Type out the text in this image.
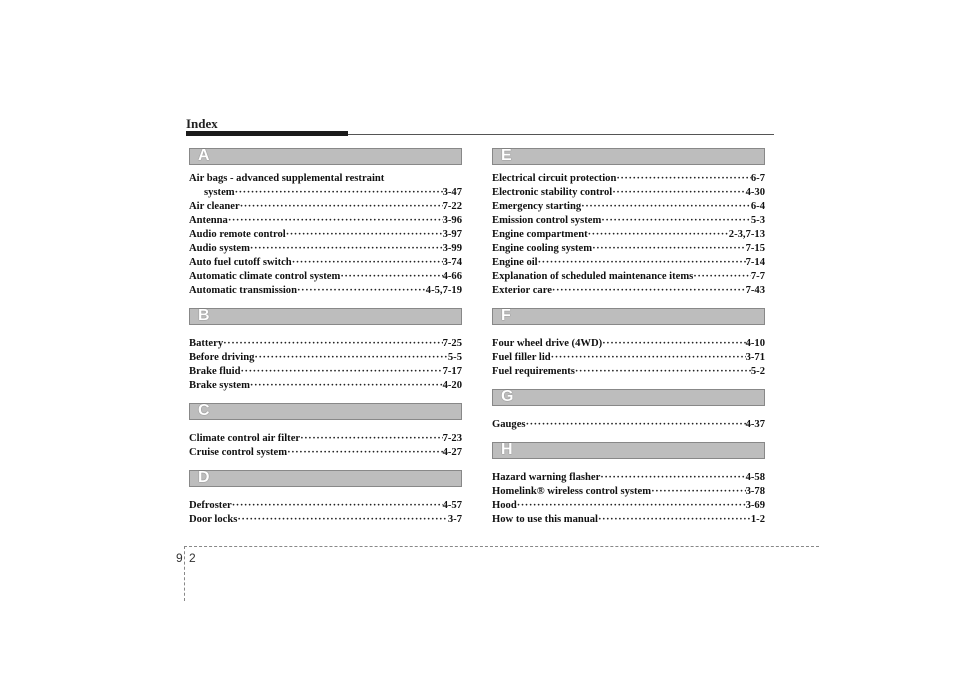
Index
A
Air bags - advanced supplemental restraint
system ·····	3-47
Air cleaner ·····	7-22
Antenna ·····	3-96
Audio remote control ·····	3-97
Audio system ·····	3-99
Auto fuel cutoff switch ·····	3-74
Automatic climate control system ·····	4-66
Automatic transmission ·····	4-5,7-19
B
Battery ·····	7-25
Before driving ·····	5-5
Brake fluid ·····	7-17
Brake system ·····	4-20
C
Climate control air filter ·····	7-23
Cruise control system ·····	4-27
D
Defroster ·····	4-57
Door locks ·····	3-7
E
Electrical circuit protection ·····	6-7
Electronic stability control ·····	4-30
Emergency starting ·····	6-4
Emission control system ·····	5-3
Engine compartment ·····	2-3,7-13
Engine cooling system ·····	7-15
Engine oil ·····	7-14
Explanation of scheduled maintenance items ·····	7-7
Exterior care ·····	7-43
F
Four wheel drive (4WD) ·····	4-10
Fuel filler lid ·····	3-71
Fuel requirements ·····	5-2
G
Gauges ·····	4-37
H
Hazard warning flasher ·····	4-58
Homelink® wireless control system ·····	3-78
Hood ·····	3-69
How to use this manual ·····	1-2
9 2
